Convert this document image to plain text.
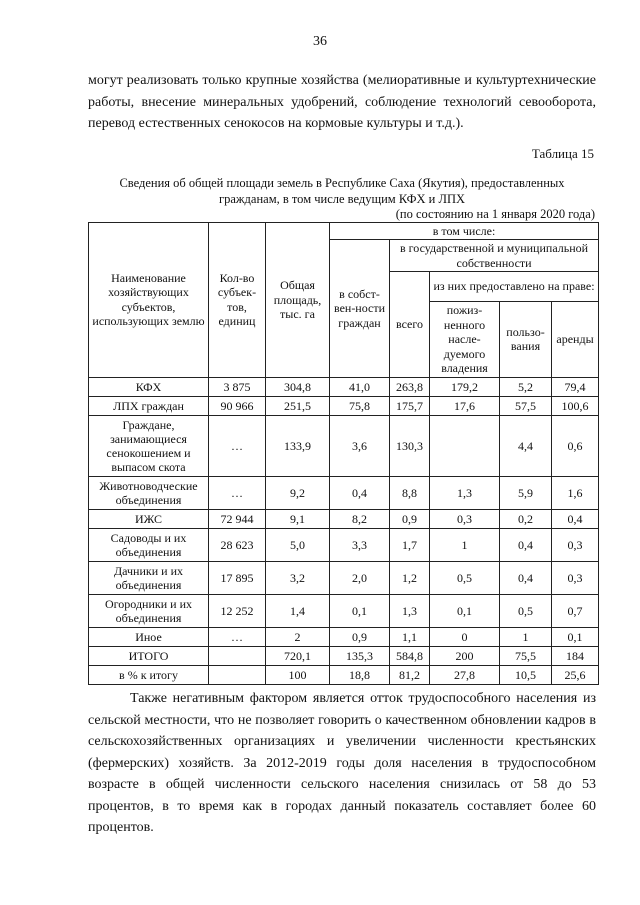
36

могут реализовать только крупные хозяйства (мелиоративные и культуртехнические работы, внесение минеральных удобрений, соблюдение технологий севооборота, перевод естественных сенокосов на кормовые культуры и т.д.).

Таблица 15
Сведения об общей площади земель в Республике Саха (Якутия), предоставленных гражданам, в том числе ведущим КФХ и ЛПХ
(по состоянию на 1 января 2020 года)
Наименование хозяйствующих субъектов, использующих землю	Кол-во субъек-тов, единиц	Общая площадь, тыс. га	в том числе:				
			в собст-вен-ности граждан	в государственной и муниципальной собственности			
				всего	из них предоставлено на праве:		
					пожиз-ненного насле-дуемого владения	пользо-вания	аренды
КФХ	3 875	304,8	41,0	263,8	179,2	5,2	79,4
ЛПХ граждан	90 966	251,5	75,8	175,7	17,6	57,5	100,6
Граждане, занимающиеся сенокошением и выпасом скота	…	133,9	3,6	130,3		4,4	0,6
Животноводческие объединения	…	9,2	0,4	8,8	1,3	5,9	1,6
ИЖС	72 944	9,1	8,2	0,9	0,3	0,2	0,4
Садоводы и их объединения	28 623	5,0	3,3	1,7	1	0,4	0,3
Дачники и их объединения	17 895	3,2	2,0	1,2	0,5	0,4	0,3
Огородники и их объединения	12 252	1,4	0,1	1,3	0,1	0,5	0,7
Иное	…	2	0,9	1,1	0	1	0,1
ИТОГО		720,1	135,3	584,8	200	75,5	184
в % к итогу		100	18,8	81,2	27,8	10,5	25,6

Также негативным фактором является отток трудоспособного населения из сельской местности, что не позволяет говорить о качественном обновлении кадров в сельскохозяйственных организациях и увеличении численности крестьянских (фермерских) хозяйств. За 2012-2019 годы доля населения в трудоспособном возрасте в общей численности сельского населения снизилась от 58 до 53 процентов, в то время как в городах данный показатель составляет более 60 процентов.
